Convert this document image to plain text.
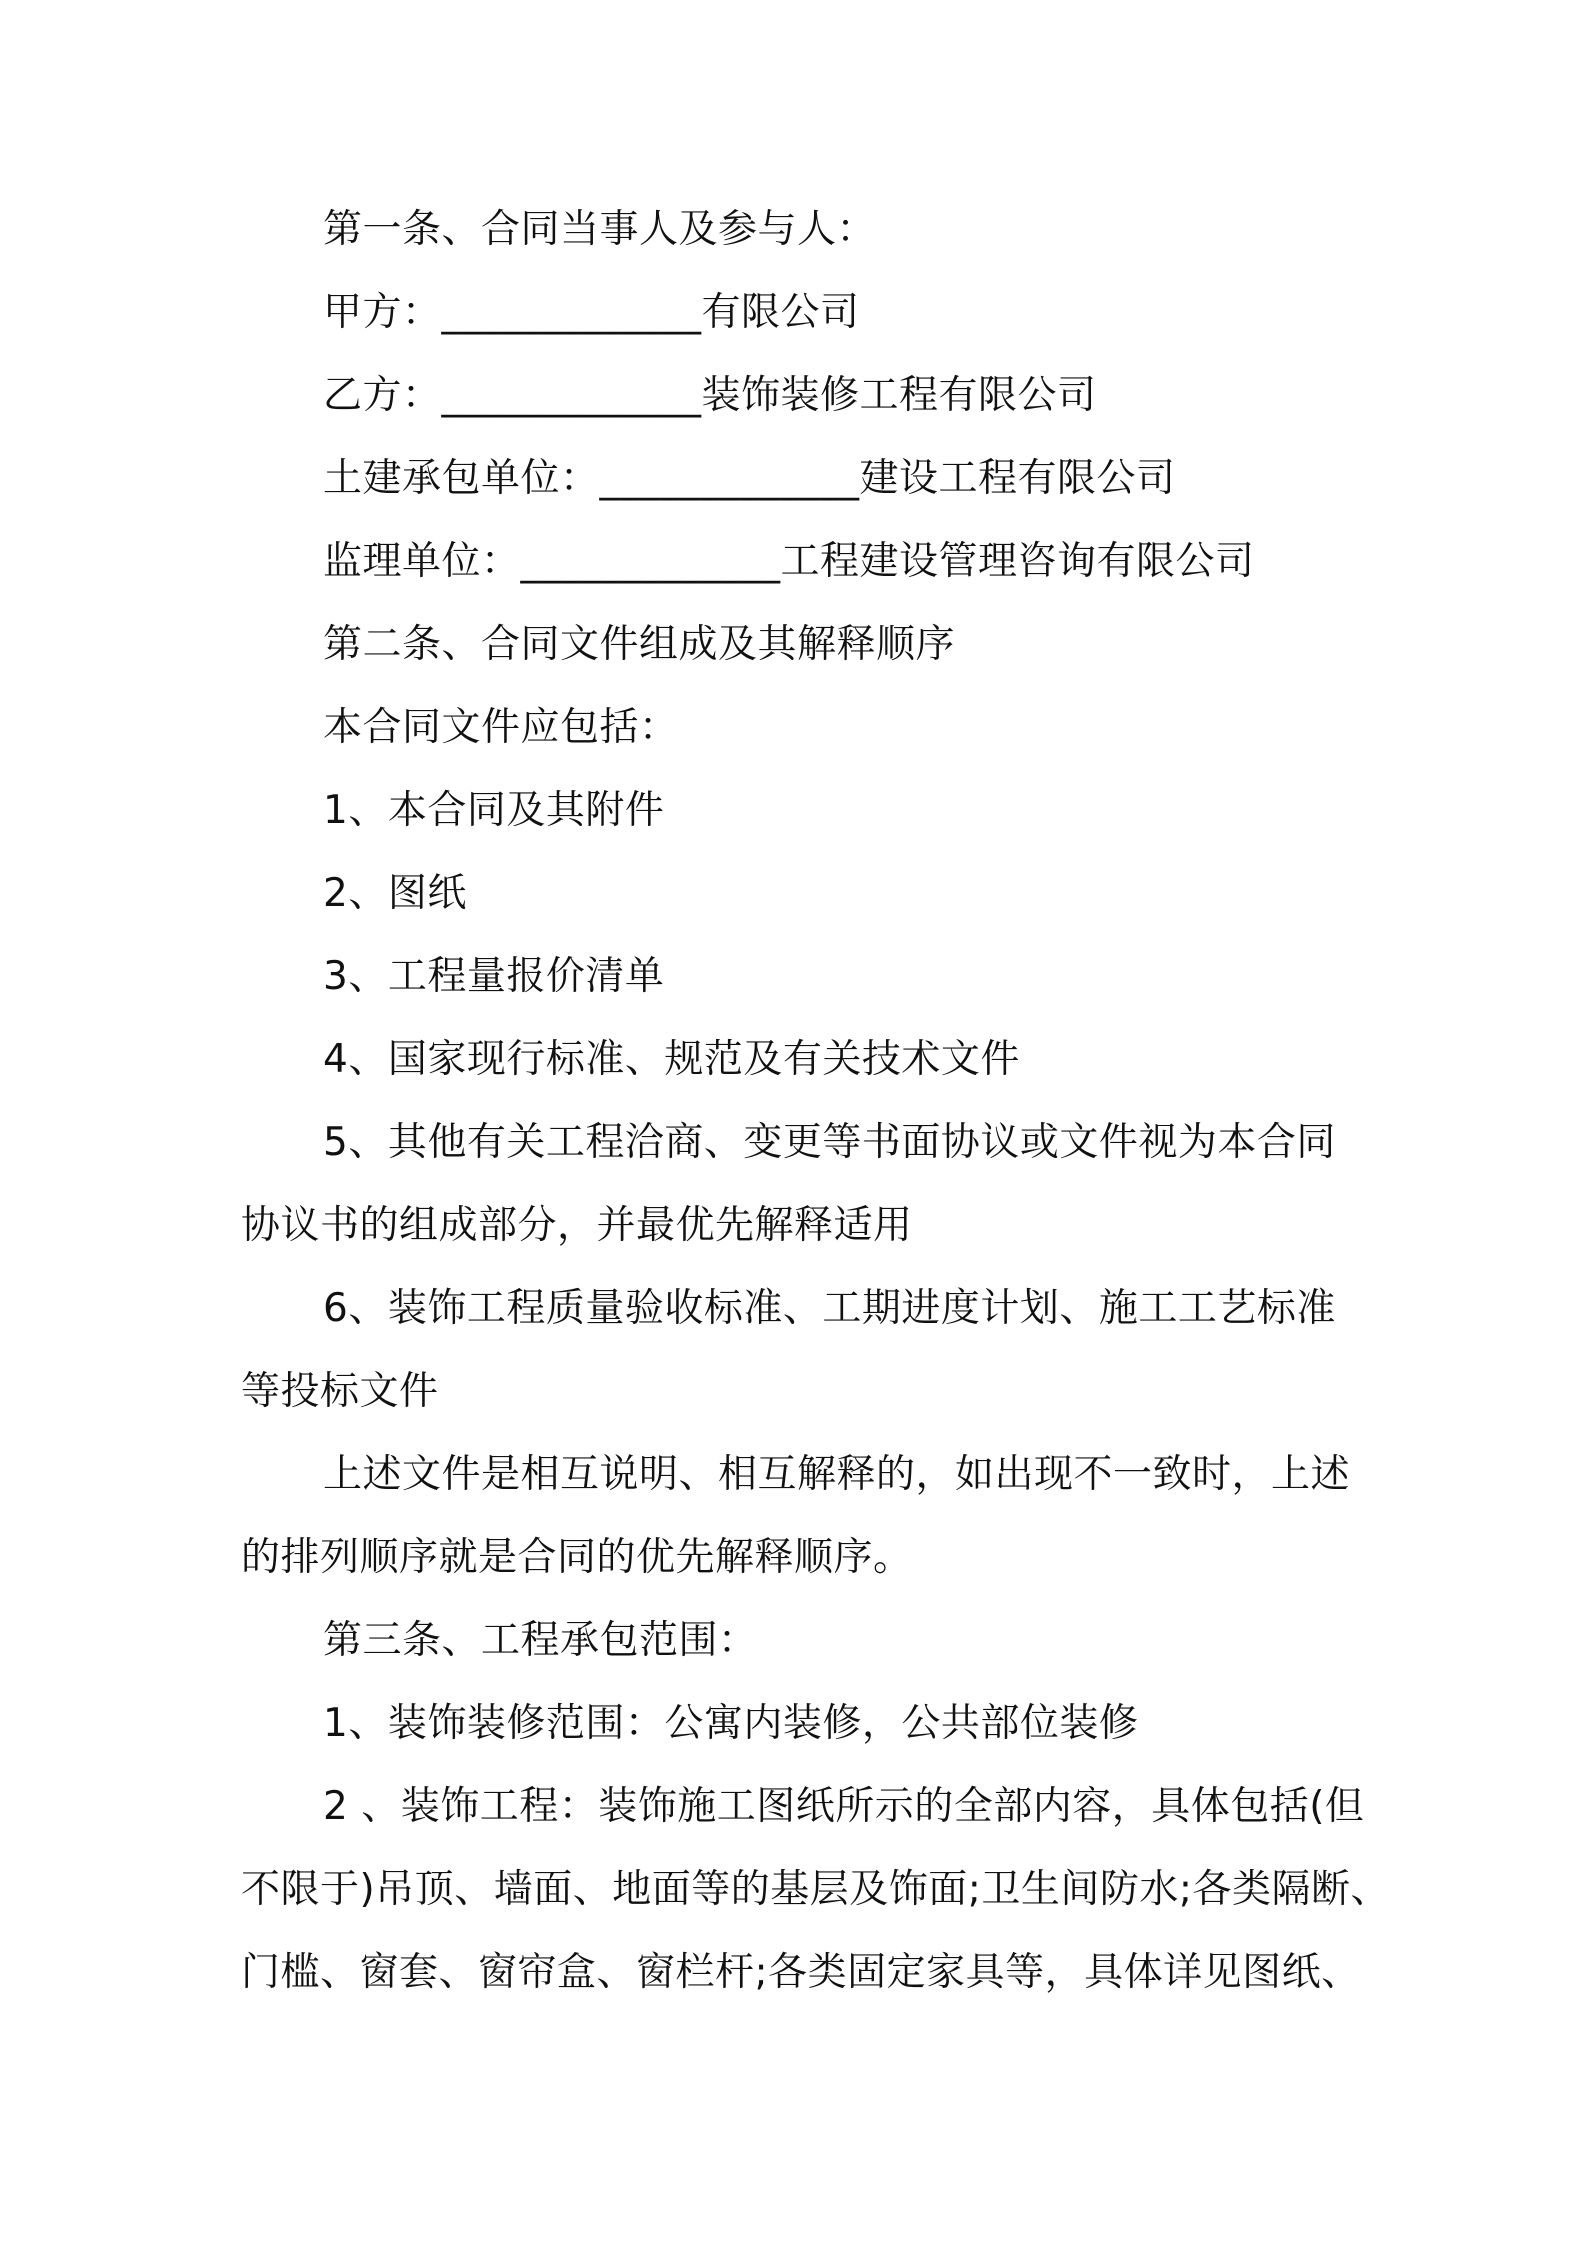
第一条、合同当事人及参与人：
甲方：_____________有限公司
乙方：_____________装饰装修工程有限公司
土建承包单位：_____________建设工程有限公司
监理单位：_____________工程建设管理咨询有限公司
第二条、合同文件组成及其解释顺序
本合同文件应包括：
1、本合同及其附件
2、图纸
3、工程量报价清单
4、国家现行标准、规范及有关技术文件
5、其他有关工程洽商、变更等书面协议或文件视为本合同
协议书的组成部分，并最优先解释适用
6、装饰工程质量验收标准、工期进度计划、施工工艺标准
等投标文件
上述文件是相互说明、相互解释的，如出现不一致时，上述
的排列顺序就是合同的优先解释顺序。
第三条、工程承包范围：
1、装饰装修范围：公寓内装修，公共部位装修
2 、装饰工程：装饰施工图纸所示的全部内容，具体包括(但
不限于)吊顶、墙面、地面等的基层及饰面;卫生间防水;各类隔断、
门槛、窗套、窗帘盒、窗栏杆;各类固定家具等，具体详见图纸、
